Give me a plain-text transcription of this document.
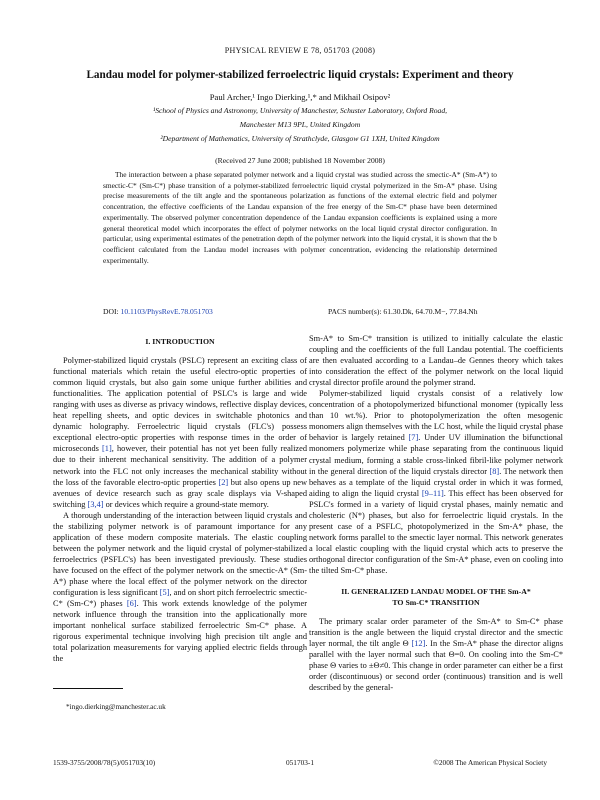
PHYSICAL REVIEW E 78, 051703 (2008)
Landau model for polymer-stabilized ferroelectric liquid crystals: Experiment and theory
Paul Archer,¹ Ingo Dierking,¹,* and Mikhail Osipov²
¹School of Physics and Astronomy, University of Manchester, Schuster Laboratory, Oxford Road,
Manchester M13 9PL, United Kingdom
²Department of Mathematics, University of Strathclyde, Glasgow G1 1XH, United Kingdom
(Received 27 June 2008; published 18 November 2008)
The interaction between a phase separated polymer network and a liquid crystal was studied across the smectic-A* (Sm-A*) to smectic-C* (Sm-C*) phase transition of a polymer-stabilized ferroelectric liquid crystal polymerized in the Sm-A* phase. Using precise measurements of the tilt angle and the spontaneous polarization as functions of the external electric field and polymer concentration, the effective coefficients of the Landau expansion of the free energy of the Sm-C* phase have been determined experimentally. The observed polymer concentration dependence of the Landau expansion coefficients is explained using a more general theoretical model which incorporates the effect of polymer networks on the local liquid crystal director configuration. In particular, using experimental estimates of the penetration depth of the polymer network into the liquid crystal, it is shown that the b coefficient calculated from the Landau model increases with polymer concentration, evidencing the relationship determined experimentally.
DOI: 10.1103/PhysRevE.78.051703	PACS number(s): 61.30.Dk, 64.70.M−, 77.84.Nh

I. INTRODUCTION

Polymer-stabilized liquid crystals (PSLC) represent an exciting class of functional materials which retain the useful electro-optic properties of common liquid crystals, but also gain some unique further abilities and functionalities. The application potential of PSLC's is large and wide ranging with uses as diverse as privacy windows, reflective display devices, heat repelling sheets, and optic devices in switchable photonics and dynamic holography. Ferroelectric liquid crystals (FLC's) possess exceptional electro-optic properties with response times in the order of microseconds [1], however, their potential has not yet been fully realized due to their inherent mechanical sensitivity. The addition of a polymer network into the FLC not only increases the mechanical stability without the loss of the favorable electro-optic properties [2] but also opens up new avenues of device research such as gray scale displays via V-shaped switching [3,4] or devices which require a ground-state memory.

A thorough understanding of the interaction between liquid crystals and the stabilizing polymer network is of paramount importance for any application of these modern composite materials. The elastic coupling between the polymer network and the liquid crystal of polymer-stabilized ferroelectrics (PSFLC's) has been investigated previously. These studies have focused on the effect of the polymer network on the smectic-A* (Sm-A*) phase where the local effect of the polymer network on the director configuration is less significant [5], and on short pitch ferroelectric smectic-C* (Sm-C*) phases [6]. This work extends knowledge of the polymer network influence through the transition into the applicationally more important nonhelical surface stabilized ferroelectric Sm-C* phase. A rigorous experimental technique involving high precision tilt angle and total polarization measurements for varying applied electric fields through the

Sm-A* to Sm-C* transition is utilized to initially calculate the elastic coupling and the coefficients of the full Landau potential. The coefficients are then evaluated according to a Landau–de Gennes theory which takes into consideration the effect of the polymer network on the local liquid crystal director profile around the polymer strand.

Polymer-stabilized liquid crystals consist of a relatively low concentration of a photopolymerized bifunctional monomer (typically less than 10 wt.%). Prior to photopolymerization the often mesogenic monomers align themselves with the LC host, while the liquid crystal phase behavior is largely retained [7]. Under UV illumination the bifunctional monomers polymerize while phase separating from the continuous liquid crystal medium, forming a stable cross-linked fibril-like polymer network in the general direction of the liquid crystals director [8]. The network then behaves as a template of the liquid crystal order in which it was formed, aiding to align the liquid crystal [9–11]. This effect has been observed for PSLC's formed in a variety of liquid crystal phases, mainly nematic and cholesteric (N*) phases, but also for ferroelectric liquid crystals. In the present case of a PSFLC, photopolymerized in the Sm-A* phase, the network forms parallel to the smectic layer normal. This network generates a local elastic coupling with the liquid crystal which acts to preserve the orthogonal director configuration of the Sm-A* phase, even on cooling into the tilted Sm-C* phase.

II. GENERALIZED LANDAU MODEL OF THE Sm-A*

TO Sm-C* TRANSITION

The primary scalar order parameter of the Sm-A* to Sm-C* phase transition is the angle between the liquid crystal director and the smectic layer normal, the tilt angle Θ [12]. In the Sm-A* phase the director aligns parallel with the layer normal such that Θ=0. On cooling into the Sm-C* phase Θ varies to ±Θ≠0. This change in order parameter can either be a first order (discontinuous) or second order (continuous) transition and is well described by the general-

*ingo.dierking@manchester.ac.uk
1539-3755/2008/78(5)/051703(10)	051703-1	©2008 The American Physical Society
